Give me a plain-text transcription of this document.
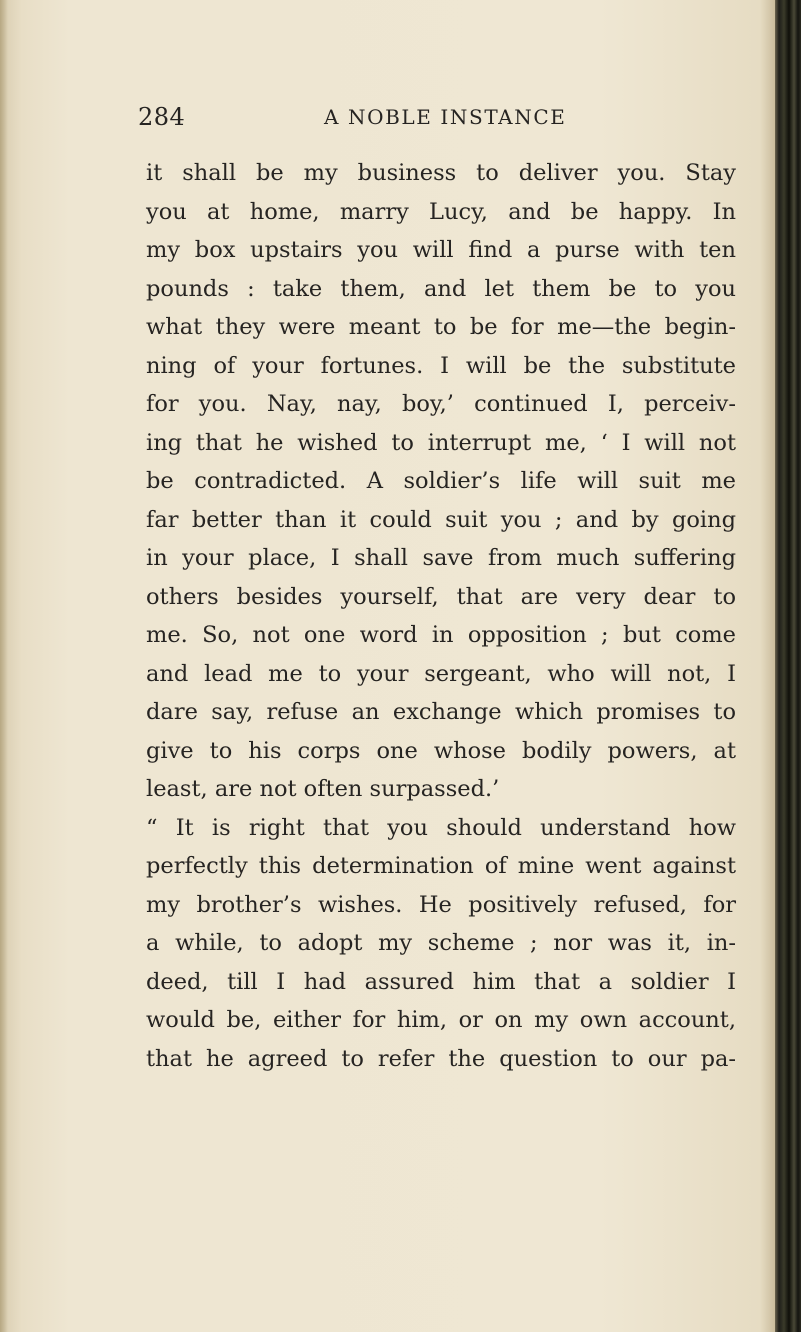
284	A NOBLE INSTANCE
it shall be my business to deliver you. Stay
you at home, marry Lucy, and be happy. In
my box upstairs you will find a purse with ten
pounds : take them, and let them be to you
what they were meant to be for me—the begin-
ning of your fortunes. I will be the substitute
for you. Nay, nay, boy,’ continued I, perceiv-
ing that he wished to interrupt me, ‘ I will not
be contradicted. A soldier’s life will suit me
far better than it could suit you ; and by going
in your place, I shall save from much suffering
others besides yourself, that are very dear to
me. So, not one word in opposition ; but come
and lead me to your sergeant, who will not, I
dare say, refuse an exchange which promises to
give to his corps one whose bodily powers, at
least, are not often surpassed.’
“ It is right that you should understand how
perfectly this determination of mine went against
my brother’s wishes. He positively refused, for
a while, to adopt my scheme ; nor was it, in-
deed, till I had assured him that a soldier I
would be, either for him, or on my own account,
that he agreed to refer the question to our pa-
